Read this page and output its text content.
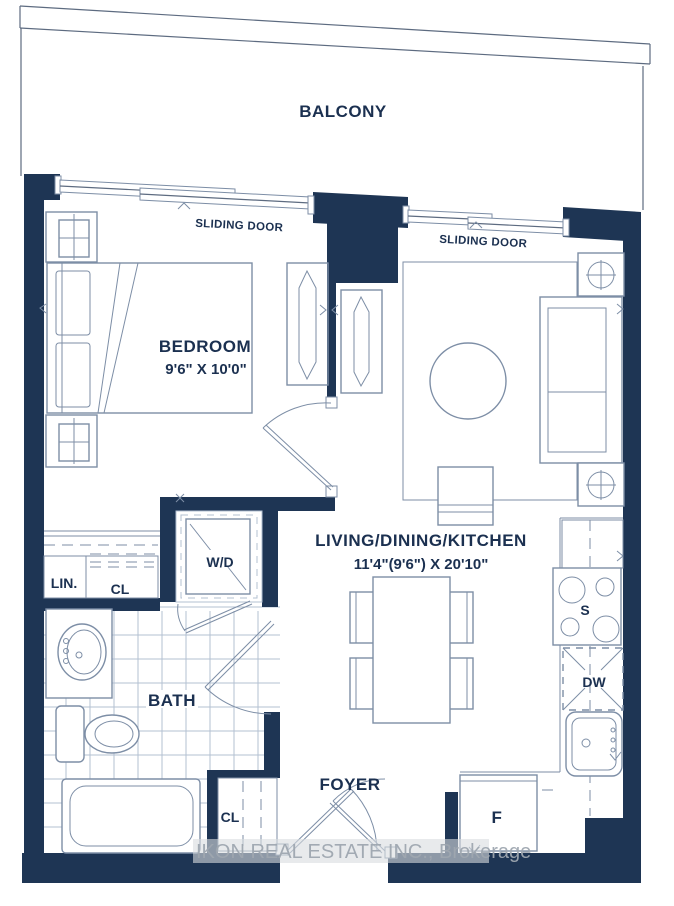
BALCONY
SLIDING DOOR
SLIDING DOOR
BEDROOM
9'6" X 10'0"
LIVING/DINING/KITCHEN
11'4"(9'6") X 20'10"
W/D
LIN. CL
BATH
FOYER
CL
S
DW
F
IKON REAL ESTATE INC., Brokerage
